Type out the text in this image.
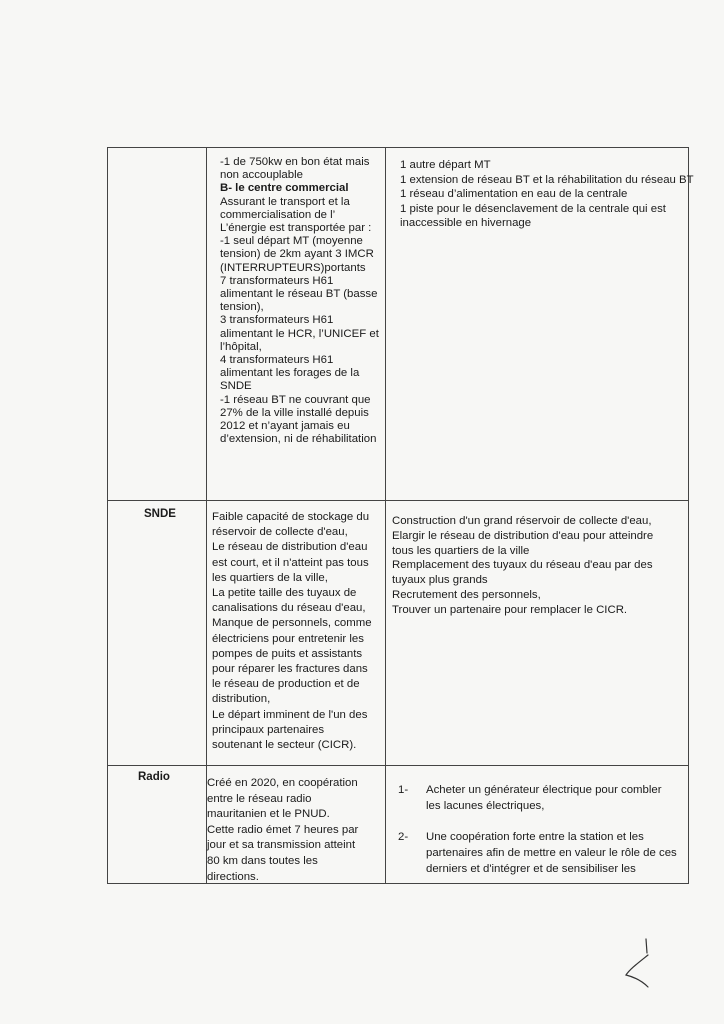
-1 de 750kw en bon état mais
non accouplable
B- le centre commercial
Assurant le transport et la
commercialisation de l’
L’énergie est transportée par :
-1 seul départ MT (moyenne
tension) de 2km ayant 3 IMCR
(INTERRUPTEURS)portants
7 transformateurs H61
alimentant le réseau BT (basse
tension),
3 transformateurs H61
alimentant le HCR, l’UNICEF et
l’hôpital,
4 transformateurs H61
alimentant les forages de la
SNDE
-1 réseau BT ne couvrant que
27% de la ville installé depuis
2012 et n’ayant jamais eu
d’extension, ni de réhabilitation
1 autre départ MT
1 extension de réseau BT et la réhabilitation du réseau BT
1 réseau d’alimentation en eau de la centrale
1 piste pour le désenclavement de la centrale qui est
inaccessible en hivernage
SNDE	Faible capacité de stockage du
réservoir de collecte d'eau,
Le réseau de distribution d'eau
est court, et il n'atteint pas tous
les quartiers de la ville,
La petite taille des tuyaux de
canalisations du réseau d'eau,
Manque de personnels, comme
électriciens pour entretenir les
pompes de puits et assistants
pour réparer les fractures dans
le réseau de production et de
distribution,
Le départ imminent de l'un des
principaux partenaires
soutenant le secteur (CICR).
Construction d'un grand réservoir de collecte d'eau,
Elargir le réseau de distribution d'eau pour atteindre
tous les quartiers de la ville
Remplacement des tuyaux du réseau d'eau par des
tuyaux plus grands
Recrutement des personnels,
Trouver un partenaire pour remplacer le CICR.
Radio	Créé en 2020, en coopération
entre le réseau radio
mauritanien et le PNUD.
Cette radio émet 7 heures par
jour et sa transmission atteint
80 km dans toutes les
directions.
1- Acheter un générateur électrique pour combler
les lacunes électriques,
2- Une coopération forte entre la station et les
partenaires afin de mettre en valeur le rôle de ces
derniers et d'intégrer et de sensibiliser les
